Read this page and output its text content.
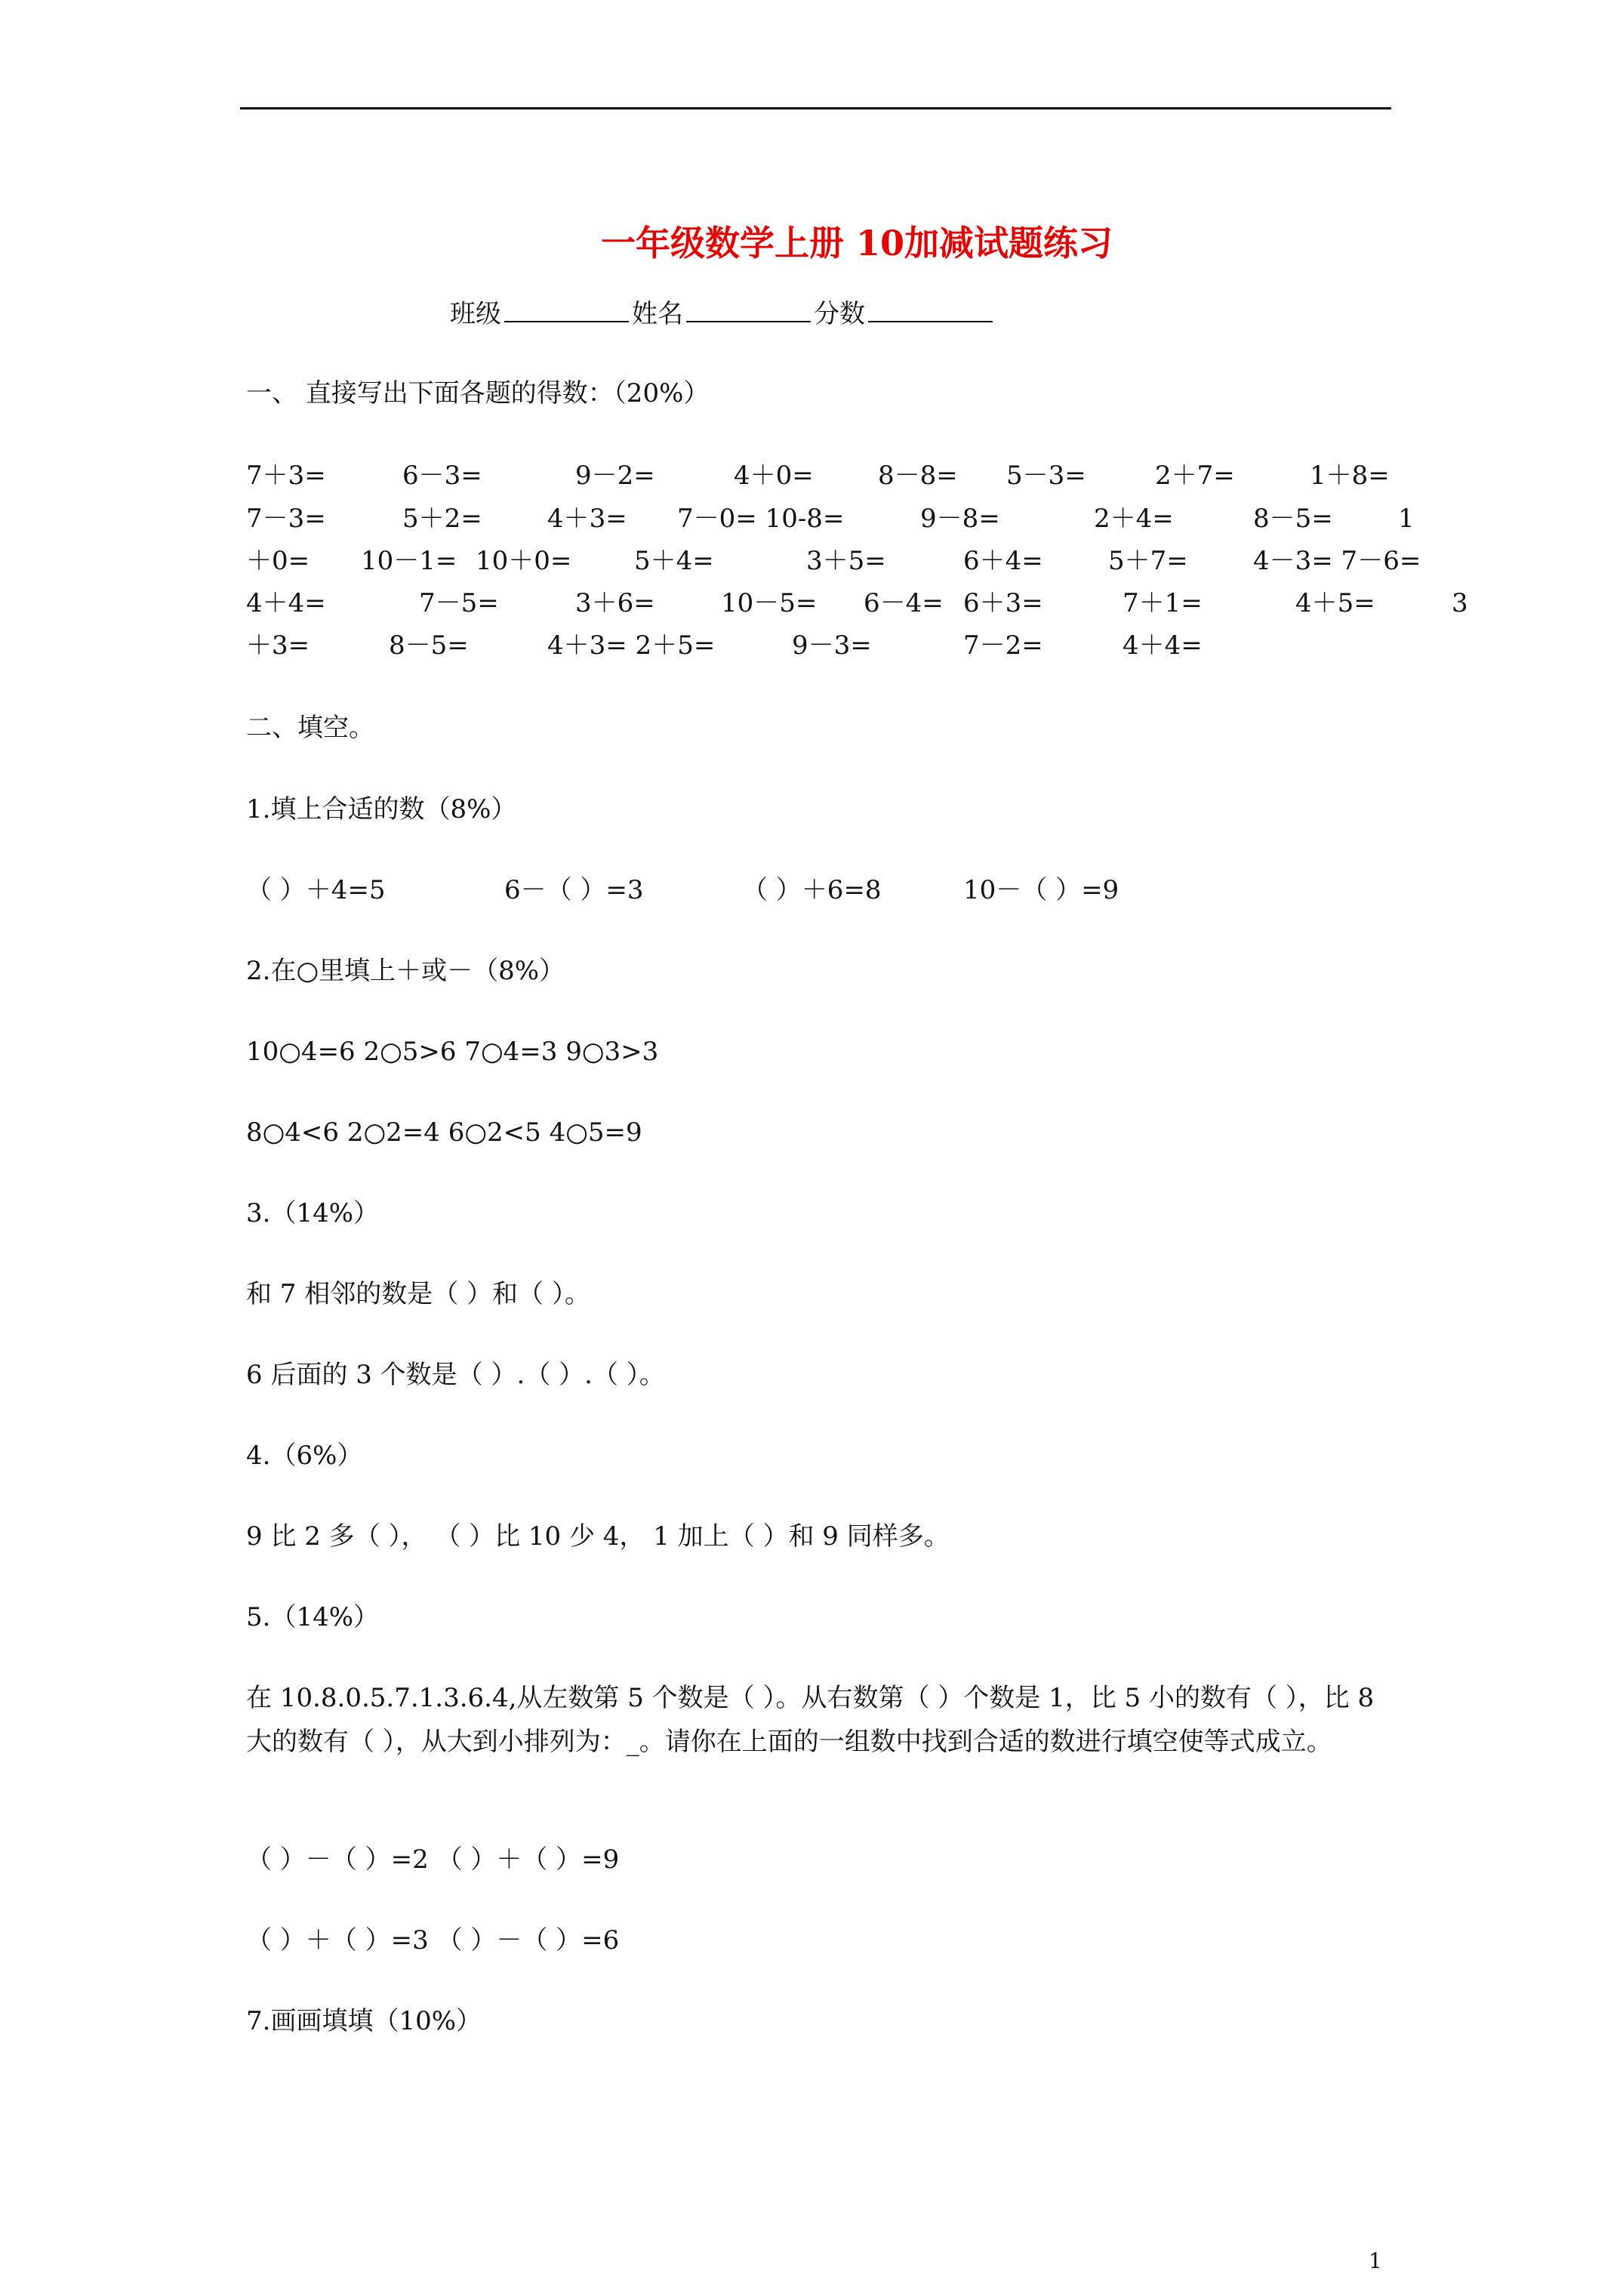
一年级数学上册 10加减试题练习
班级	姓名	分数
一、 直接写出下面各题的得数：（20%）
7＋3=	6－3=	9－2=	4＋0=	8－8= 5－3=	2＋7=	1＋8=
7－3=	5＋2=	4＋3= 7－0= 10-8=	9－8=	2＋4=	8－5=	1
＋0= 10－1= 10＋0= 5＋4=	3＋5=	6＋4=	5＋7=	4－3= 7－6=
4＋4=	7－5=	3＋6=	10－5= 6－4= 6＋3=	7＋1=	4＋5=	3
＋3=	8－5=	4＋3= 2＋5=	9－3=	7－2=	4＋4=
二、填空。
1.填上合适的数（8%）
（ ）＋4=5	6－（ ）=3	（ ）＋6=8	10－（ ）=9
2.在○里填上＋或－（8%）
10○4=6 2○5>6 7○4=3 9○3>3
8○4<6 2○2=4 6○2<5 4○5=9
3.（14%）
和 7 相邻的数是（ ）和（ ）。
6 后面的 3 个数是（ ）.（ ）.（ ）。
4.（6%）
9 比 2 多（ ）， （ ）比 10 少 4， 1 加上（ ）和 9 同样多。
5.（14%）
在 10.8.0.5.7.1.3.6.4,从左数第 5 个数是（ ）。从右数第（ ）个数是 1，比 5 小的数有（ ），比 8 大的数有（ ），从大到小排列为：_。请你在上面的一组数中找到合适的数进行填空使等式成立。
（ ）－（ ）=2 （ ）＋（ ）=9
（ ）＋（ ）=3 （ ）－（ ）=6
7.画画填填（10%）
1
